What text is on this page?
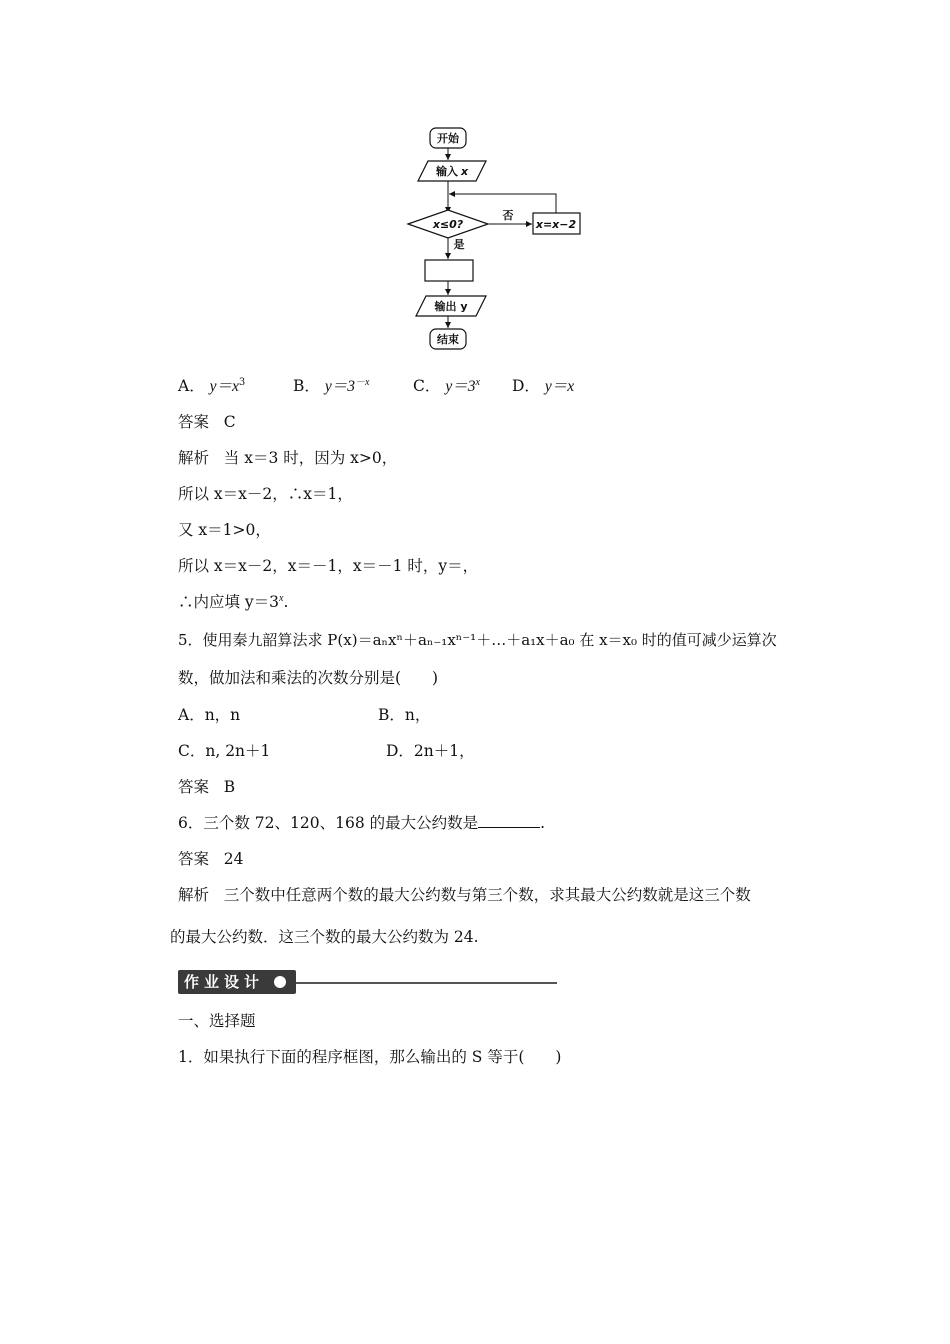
开始
输入 x
x≤0?
否
x=x−2
是
输出 y
结束
A． $y=x^3$	B． $y=3^{-x}$	C． $y=3^x$ D． y＝x
答案 C
解析 当 x＝3 时，因为 x>0，
所以 x＝x－2，∴x＝1，
又 x＝1>0，
所以 x＝x－2，x＝－1，x＝－1 时，y＝，
∴内应填 $y=3^x$.
5．使用秦九韶算法求 P(x)＝aₙxⁿ＋aₙ₋₁xⁿ⁻¹＋…＋a₁x＋a₀ 在 x＝x₀ 时的值可减少运算次
数，做加法和乘法的次数分别是(　　)
A．n，n	B．n，
C．n, 2n＋1	D．2n＋1，
答案 B
6．三个数 72、120、168 的最大公约数是	.
答案 24
解析 三个数中任意两个数的最大公约数与第三个数，求其最大公约数就是这三个数
的最大公约数．这三个数的最大公约数为 24.
作业设计
一、选择题
1．如果执行下面的程序框图，那么输出的 S 等于(　　)
